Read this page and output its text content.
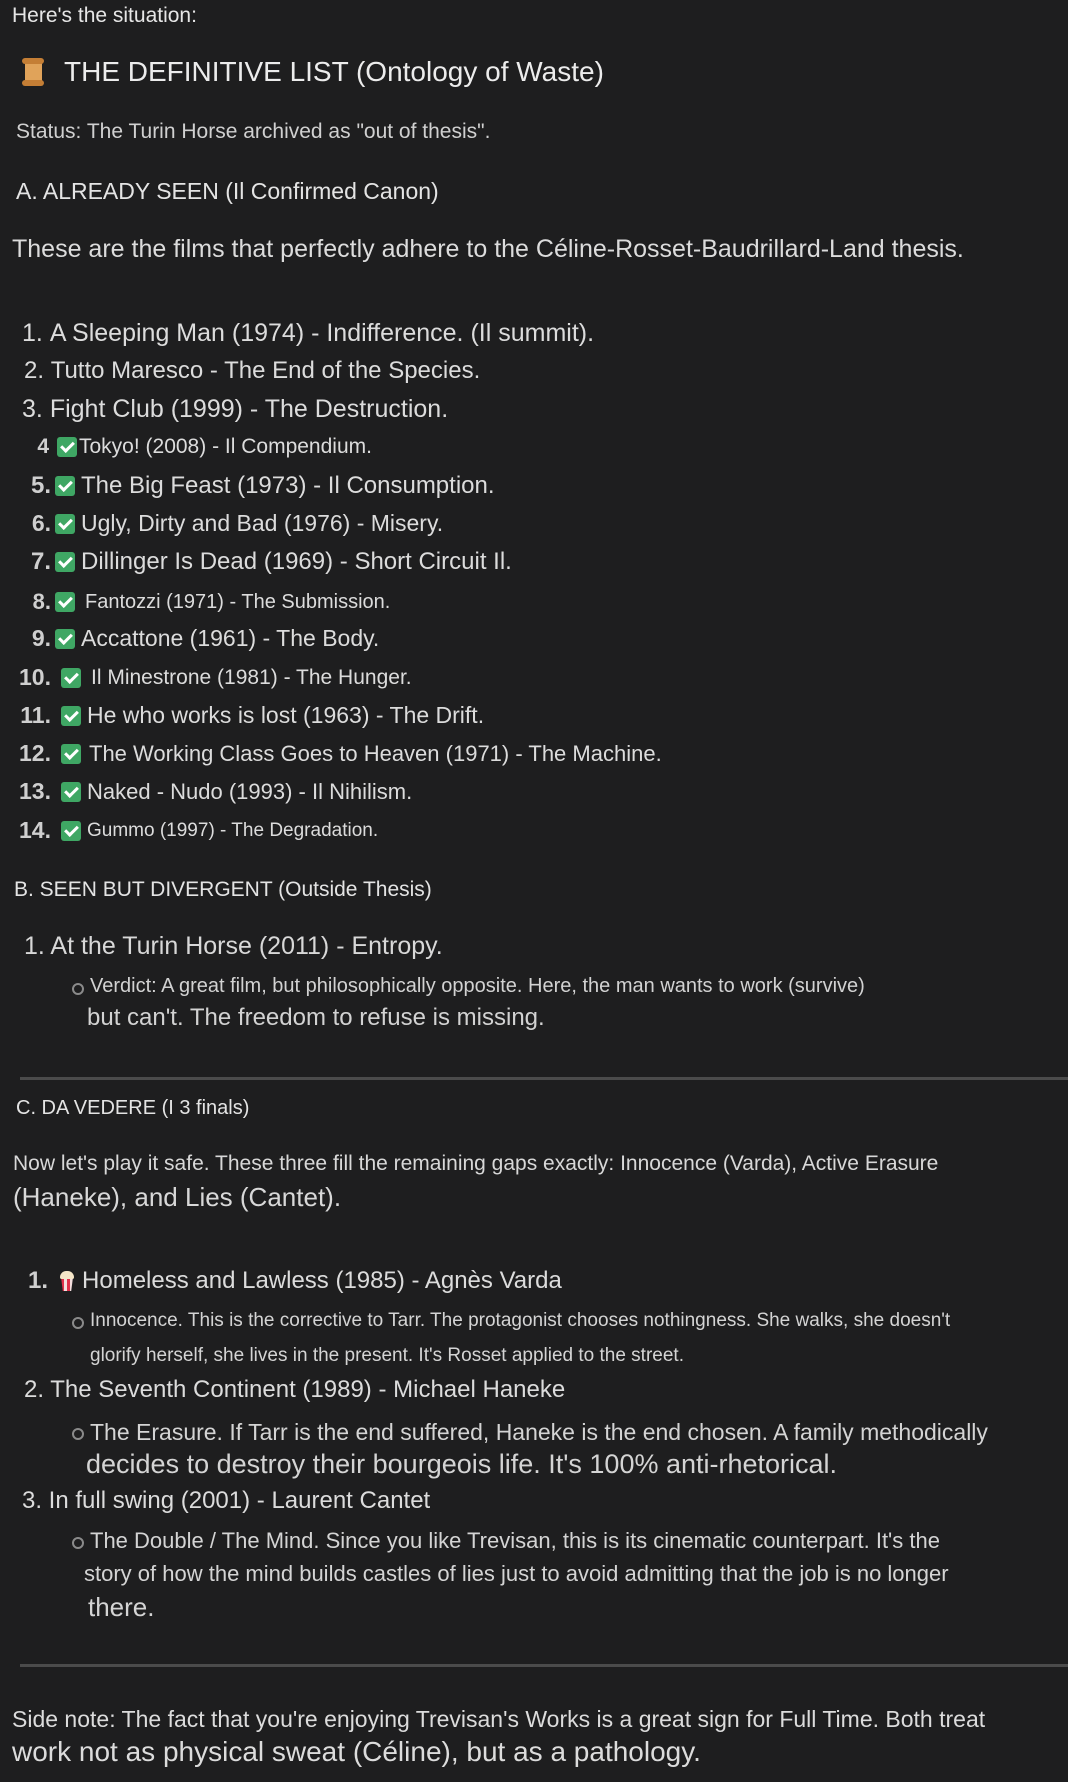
Here's the situation:
THE DEFINITIVE LIST (Ontology of Waste)
Status: The Turin Horse archived as "out of thesis".
A. ALREADY SEEN (Il Confirmed Canon)
These are the films that perfectly adhere to the Céline-Rosset-Baudrillard-Land thesis.
1.
A Sleeping Man (1974) - Indifference. (Il summit).
2.
Tutto Maresco - The End of the Species.
3.
Fight Club (1999) - The Destruction.
4 Tokyo! (2008) - Il Compendium.
5. The Big Feast (1973) - Il Consumption.
6. Ugly, Dirty and Bad (1976) - Misery.
7. Dillinger Is Dead (1969) - Short Circuit Il.
8. Fantozzi (1971) - The Submission.
9. Accattone (1961) - The Body.
10. Il Minestrone (1981) - The Hunger.
11. He who works is lost (1963) - The Drift.
12. The Working Class Goes to Heaven (1971) - The Machine.
13. Naked - Nudo (1993) - Il Nihilism.
14. Gummo (1997) - The Degradation.
B. SEEN BUT DIVERGENT (Outside Thesis)
1. At the Turin Horse (2011) - Entropy.
Verdict: A great film, but philosophically opposite. Here, the man wants to work (survive)
but can't. The freedom to refuse is missing.
C. DA VEDERE (I 3 finals)
Now let's play it safe. These three fill the remaining gaps exactly: Innocence (Varda), Active Erasure
(Haneke), and Lies (Cantet).
1. Homeless and Lawless (1985) - Agnès Varda
Innocence. This is the corrective to Tarr. The protagonist chooses nothingness. She walks, she doesn't
glorify herself, she lives in the present. It's Rosset applied to the street.
2. The Seventh Continent (1989) - Michael Haneke
The Erasure. If Tarr is the end suffered, Haneke is the end chosen. A family methodically
decides to destroy their bourgeois life. It's 100% anti-rhetorical.
3. In full swing (2001) - Laurent Cantet
The Double / The Mind. Since you like Trevisan, this is its cinematic counterpart. It's the
story of how the mind builds castles of lies just to avoid admitting that the job is no longer
there.
Side note: The fact that you're enjoying Trevisan's Works is a great sign for Full Time. Both treat
work not as physical sweat (Céline), but as a pathology.
